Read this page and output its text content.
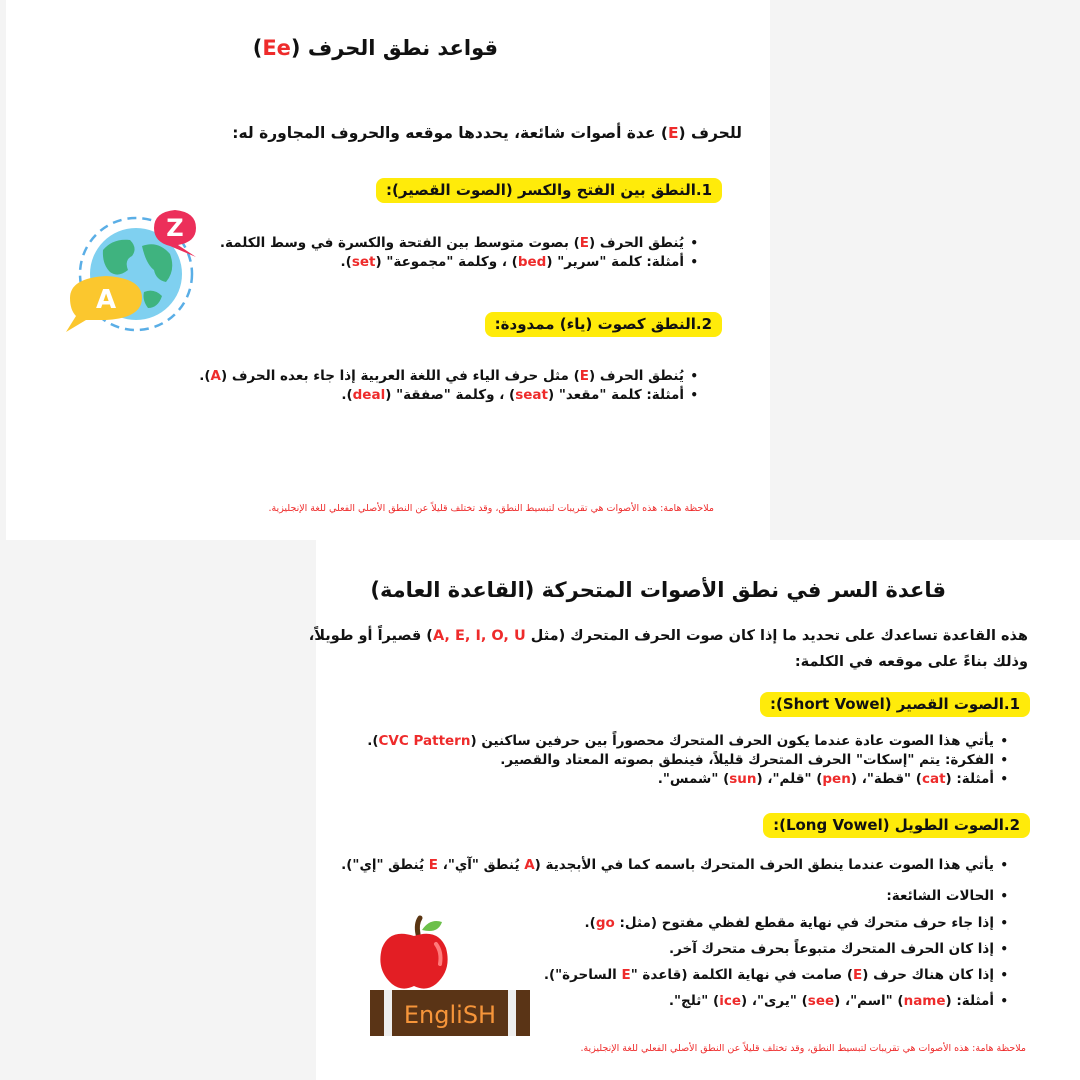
قواعد نطق الحرف (Ee)
للحرف (E) عدة أصوات شائعة، يحددها موقعه والحروف المجاورة له:
Z
A
1.النطق بين الفتح والكسر (الصوت القصير):
• يُنطق الحرف (E) بصوت متوسط بين الفتحة والكسرة في وسط الكلمة.
• أمثلة: كلمة "سرير" (bed) ، وكلمة "مجموعة" (set).
2.النطق كصوت (ياء) ممدودة:
• يُنطق الحرف (E) مثل حرف الياء في اللغة العربية إذا جاء بعده الحرف (A).
• أمثلة: كلمة "مقعد" (seat) ، وكلمة "صفقة" (deal).
ملاحظة هامة: هذه الأصوات هي تقريبات لتبسيط النطق، وقد تختلف قليلاً عن النطق الأصلي الفعلي للغة الإنجليزية.
قاعدة السر في نطق الأصوات المتحركة (القاعدة العامة)
هذه القاعدة تساعدك على تحديد ما إذا كان صوت الحرف المتحرك (مثل A, E, I, O, U) قصيراً أو طويلاً،
وذلك بناءً على موقعه في الكلمة:
1.الصوت القصير (Short Vowel):
• يأتي هذا الصوت عادة عندما يكون الحرف المتحرك محصوراً بين حرفين ساكنين (CVC Pattern).
• الفكرة: يتم "إسكات" الحرف المتحرك قليلاً، فينطق بصوته المعتاد والقصير.
• أمثلة: (cat) "قطة"، (pen) "قلم"، (sun) "شمس".
2.الصوت الطويل (Long Vowel):
• يأتي هذا الصوت عندما ينطق الحرف المتحرك باسمه كما في الأبجدية (A يُنطق "آي"، E يُنطق "إي").
• الحالات الشائعة:
• إذا جاء حرف متحرك في نهاية مقطع لفظي مفتوح (مثل: go).
• إذا كان الحرف المتحرك متبوعاً بحرف متحرك آخر.
• إذا كان هناك حرف (E) صامت في نهاية الكلمة (قاعدة "E الساحرة").
• أمثلة: (name) "اسم"، (see) "يرى"، (ice) "ثلج".
EngliSH
ملاحظة هامة: هذه الأصوات هي تقريبات لتبسيط النطق، وقد تختلف قليلاً عن النطق الأصلي الفعلي للغة الإنجليزية.
